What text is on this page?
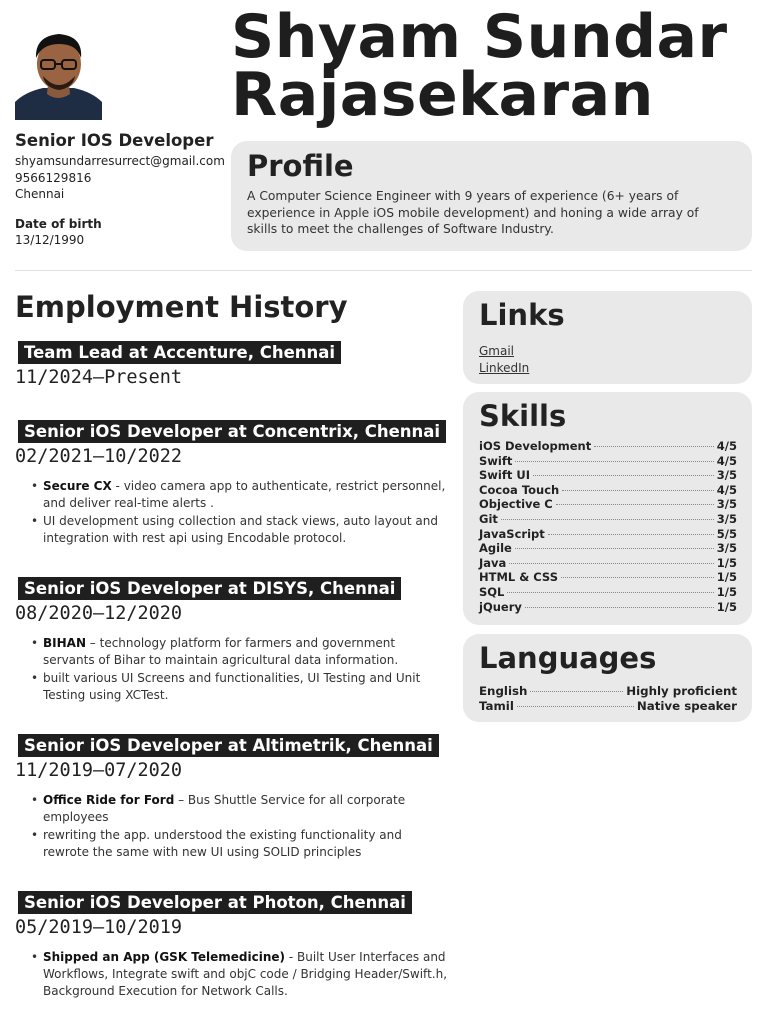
Shyam Sundar
Rajasekaran
Senior IOS Developer
shyamsundarresurrect@gmail.com
9566129816
Chennai
Date of birth
13/12/1990
Profile

A Computer Science Engineer with 9 years of experience (6+ years of experience in Apple iOS mobile development) and honing a wide array of skills to meet the challenges of Software Industry.

Employment History
Team Lead at Accenture, Chennai
11/2024—Present
Senior iOS Developer at Concentrix, Chennai
02/2021—10/2022
• Secure CX - video camera app to authenticate, restrict personnel, and deliver real-time alerts .
• UI development using collection and stack views, auto layout and integration with rest api using Encodable protocol.
Senior iOS Developer at DISYS, Chennai
08/2020—12/2020
• BIHAN – technology platform for farmers and government servants of Bihar to maintain agricultural data information.
• built various UI Screens and functionalities, UI Testing and Unit Testing using XCTest.
Senior iOS Developer at Altimetrik, Chennai
11/2019—07/2020
• Office Ride for Ford – Bus Shuttle Service for all corporate employees
• rewriting the app. understood the existing functionality and rewrote the same with new UI using SOLID principles
Senior iOS Developer at Photon, Chennai
05/2019—10/2019
• Shipped an App (GSK Telemedicine) - Built User Interfaces and Workflows, Integrate swift and objC code / Bridging Header/Swift.h, Background Execution for Network Calls.
Links
Gmail
LinkedIn
Skills
iOS Development	4/5
Swift	4/5
Swift UI	3/5
Cocoa Touch	4/5
Objective C	3/5
Git	3/5
JavaScript	5/5
Agile	3/5
Java	1/5
HTML & CSS	1/5
SQL	1/5
jQuery	1/5
Languages
English	Highly proficient
Tamil	Native speaker
